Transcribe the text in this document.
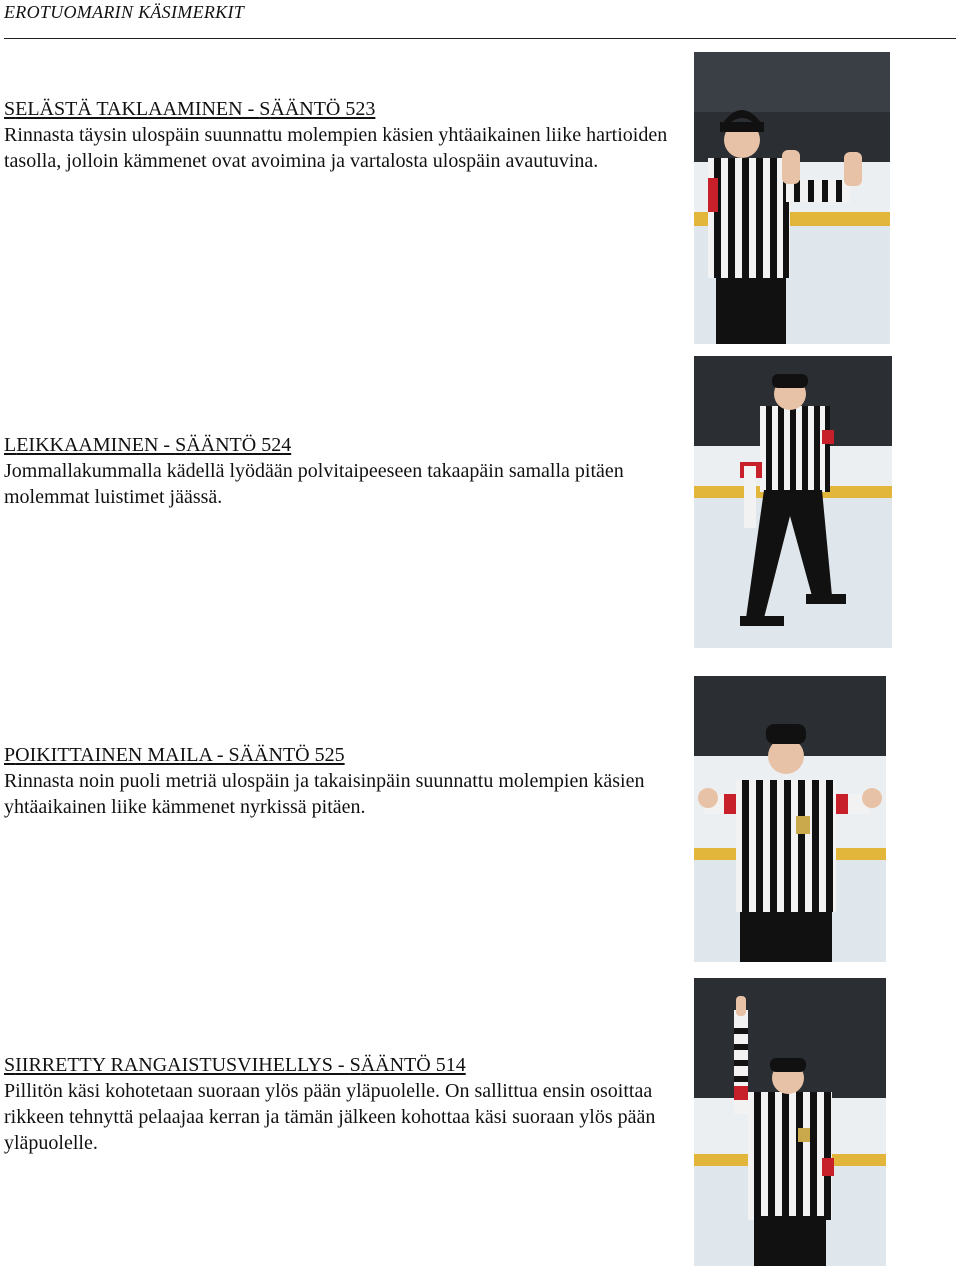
EROTUOMARIN KÄSIMERKIT
SELÄSTÄ TAKLAAMINEN - SÄÄNTÖ 523

Rinnasta täysin ulospäin suunnattu molempien käsien yhtäaikainen liike hartioiden tasolla, jolloin kämmenet ovat avoimina ja vartalosta ulospäin avautuvina.

LEIKKAAMINEN - SÄÄNTÖ 524

Jommallakummalla kädellä lyödään polvitaipeeseen takaapäin samalla pitäen molemmat luistimet jäässä.

POIKITTAINEN MAILA - SÄÄNTÖ 525

Rinnasta noin puoli metriä ulospäin ja takaisinpäin suunnattu molempien käsien yhtäaikainen liike kämmenet nyrkissä pitäen.

SIIRRETTY RANGAISTUSVIHELLYS - SÄÄNTÖ 514

Pillitön käsi kohotetaan suoraan ylös pään yläpuolelle. On sallittua ensin osoittaa rikkeen tehnyttä pelaajaa kerran ja tämän jälkeen kohottaa käsi suoraan ylös pään yläpuolelle.
